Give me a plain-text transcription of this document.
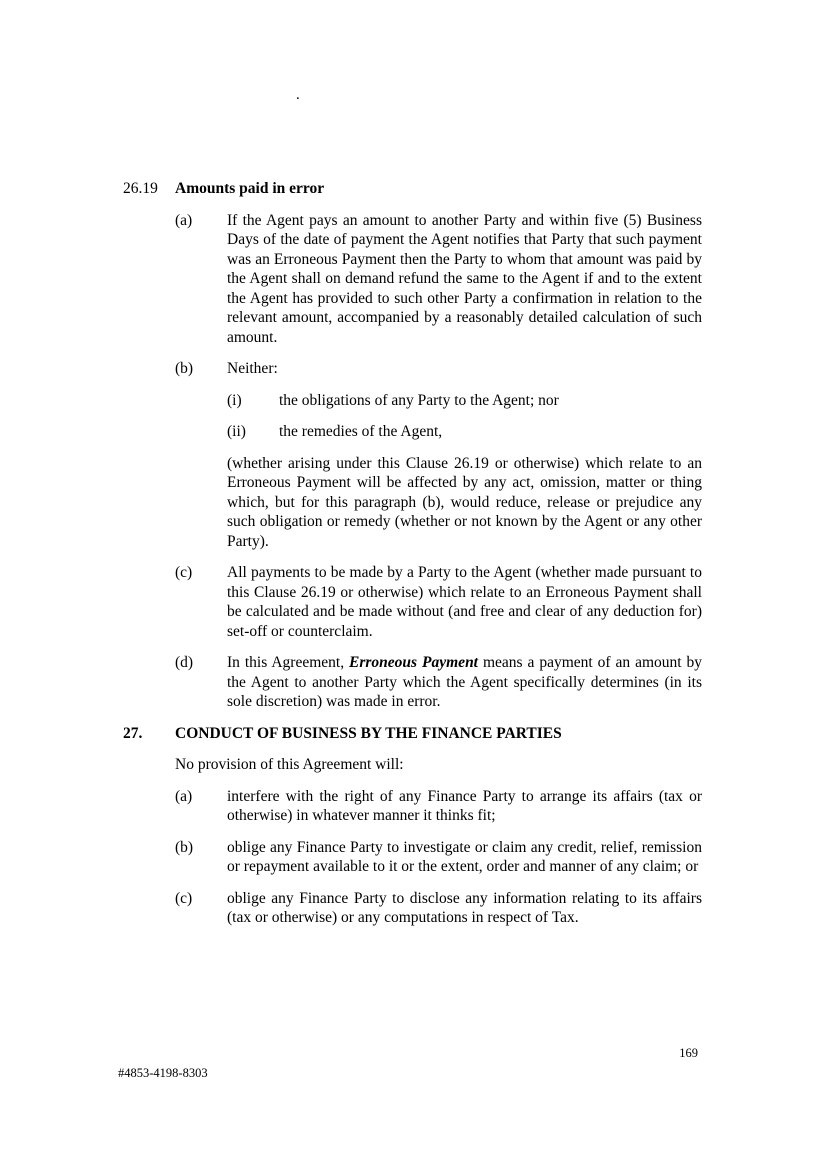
.
26.19	Amounts paid in error
(a)	If the Agent pays an amount to another Party and within five (5) Business Days of the date of payment the Agent notifies that Party that such payment was an Erroneous Payment then the Party to whom that amount was paid by the Agent shall on demand refund the same to the Agent if and to the extent the Agent has provided to such other Party a confirmation in relation to the relevant amount, accompanied by a reasonably detailed calculation of such amount.
(b)	Neither:
(i)	the obligations of any Party to the Agent; nor
(ii)	the remedies of the Agent,
(whether arising under this Clause 26.19 or otherwise) which relate to an Erroneous Payment will be affected by any act, omission, matter or thing which, but for this paragraph (b), would reduce, release or prejudice any such obligation or remedy (whether or not known by the Agent or any other Party).
(c)	All payments to be made by a Party to the Agent (whether made pursuant to this Clause 26.19 or otherwise) which relate to an Erroneous Payment shall be calculated and be made without (and free and clear of any deduction for) set-off or counterclaim.
(d)	In this Agreement, Erroneous Payment means a payment of an amount by the Agent to another Party which the Agent specifically determines (in its sole discretion) was made in error.
27.	CONDUCT OF BUSINESS BY THE FINANCE PARTIES
No provision of this Agreement will:
(a)	interfere with the right of any Finance Party to arrange its affairs (tax or otherwise) in whatever manner it thinks fit;
(b)	oblige any Finance Party to investigate or claim any credit, relief, remission or repayment available to it or the extent, order and manner of any claim; or
(c)	oblige any Finance Party to disclose any information relating to its affairs (tax or otherwise) or any computations in respect of Tax.
169
#4853-4198-8303
